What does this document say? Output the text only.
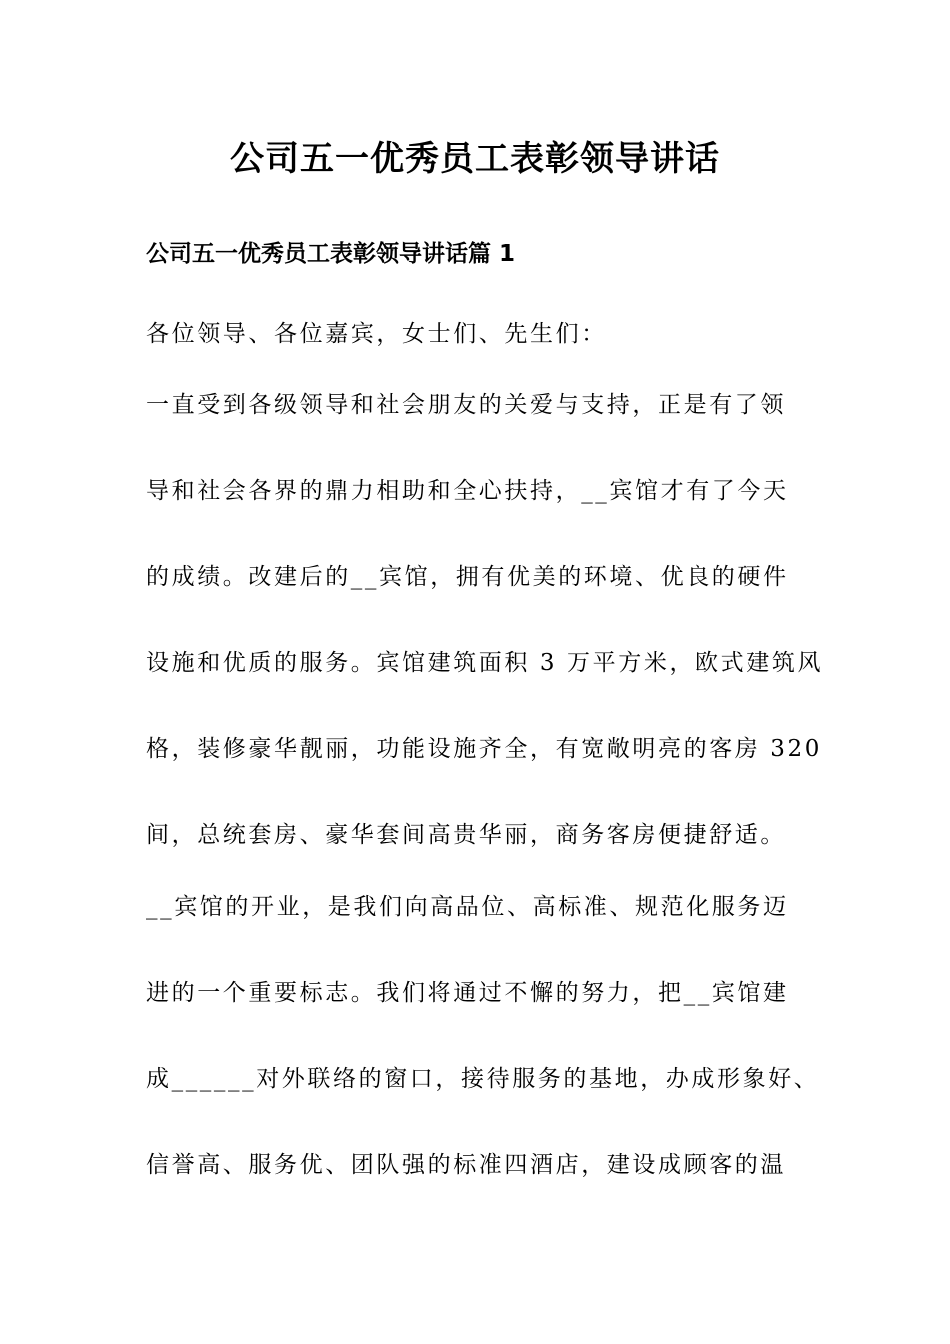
公司五一优秀员工表彰领导讲话
公司五一优秀员工表彰领导讲话篇 1
各位领导、各位嘉宾，女士们、先生们：
一直受到各级领导和社会朋友的关爱与支持，正是有了领
导和社会各界的鼎力相助和全心扶持，__宾馆才有了今天
的成绩。改建后的__宾馆，拥有优美的环境、优良的硬件
设施和优质的服务。宾馆建筑面积 3 万平方米，欧式建筑风
格，装修豪华靓丽，功能设施齐全，有宽敞明亮的客房 320
间，总统套房、豪华套间高贵华丽，商务客房便捷舒适。
__宾馆的开业，是我们向高品位、高标准、规范化服务迈
进的一个重要标志。我们将通过不懈的努力，把__宾馆建
成______对外联络的窗口，接待服务的基地，办成形象好、
信誉高、服务优、团队强的标准四酒店，建设成顾客的温
